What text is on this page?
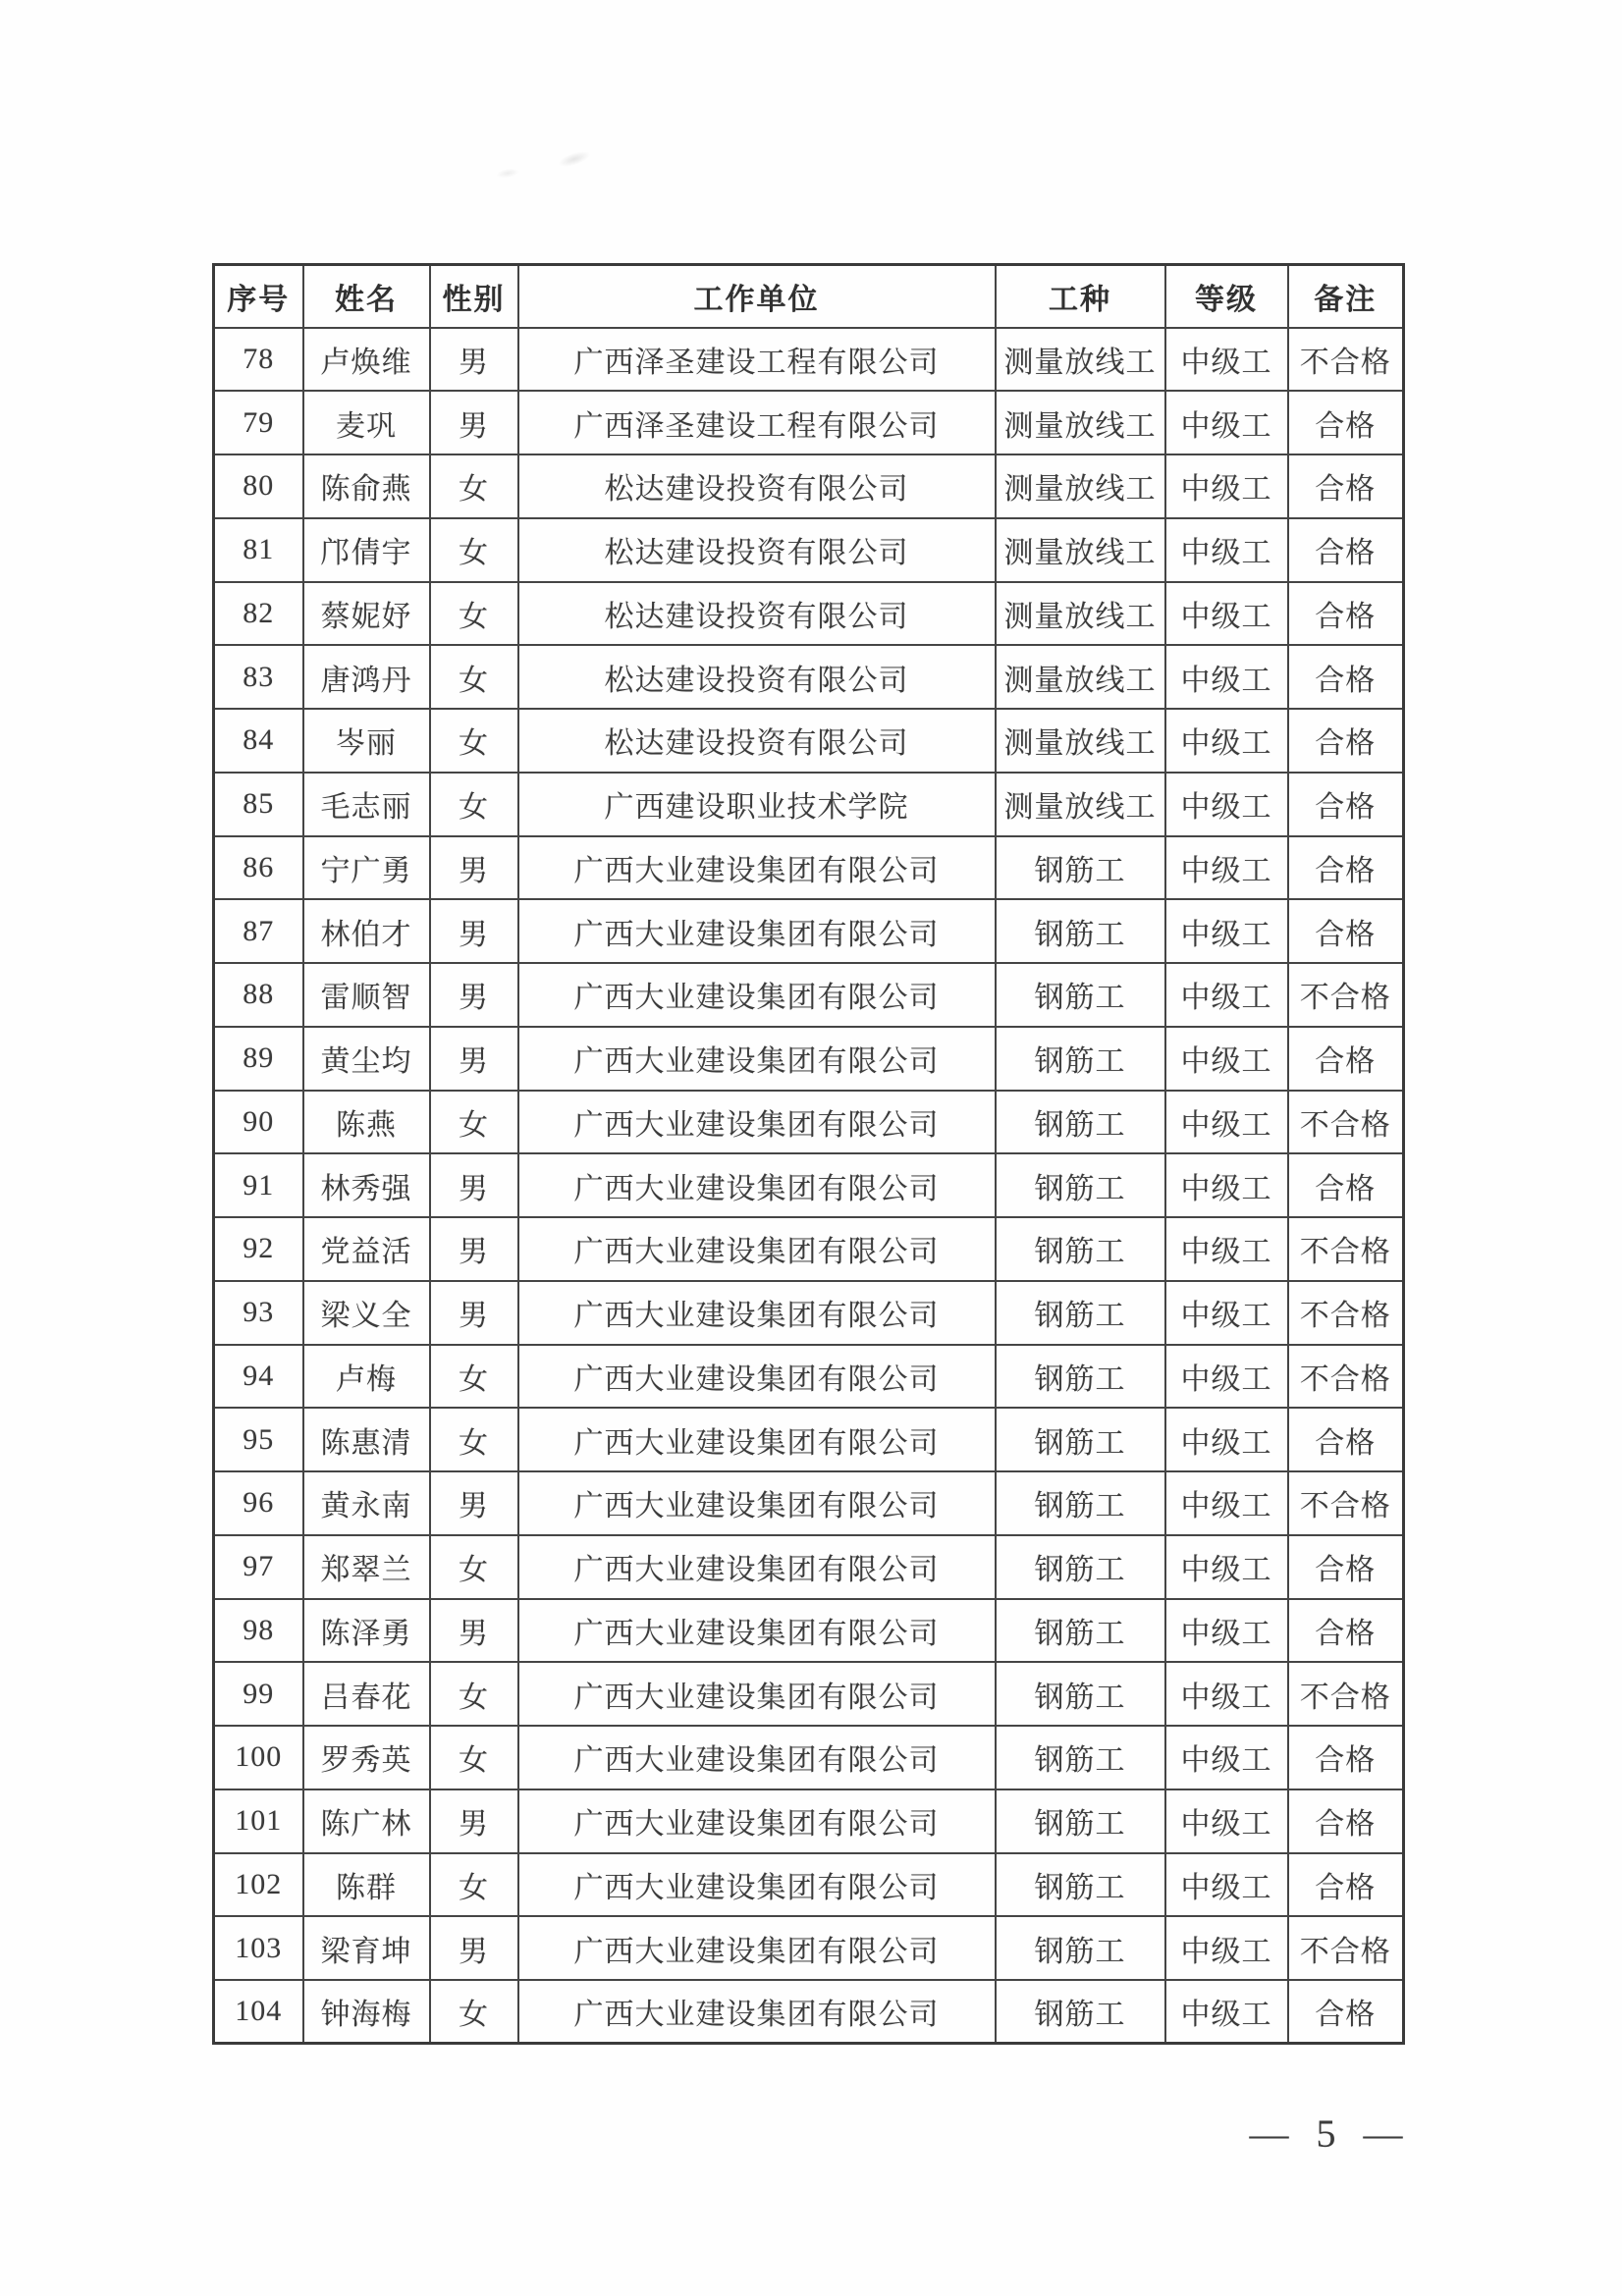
序号	姓名	性别	工作单位	工种	等级	备注
78	卢焕维	男	广西泽圣建设工程有限公司	测量放线工	中级工	不合格
79	麦巩	男	广西泽圣建设工程有限公司	测量放线工	中级工	合格
80	陈俞燕	女	松达建设投资有限公司	测量放线工	中级工	合格
81	邝倩宇	女	松达建设投资有限公司	测量放线工	中级工	合格
82	蔡妮妤	女	松达建设投资有限公司	测量放线工	中级工	合格
83	唐鸿丹	女	松达建设投资有限公司	测量放线工	中级工	合格
84	岑丽	女	松达建设投资有限公司	测量放线工	中级工	合格
85	毛志丽	女	广西建设职业技术学院	测量放线工	中级工	合格
86	宁广勇	男	广西大业建设集团有限公司	钢筋工	中级工	合格
87	林伯才	男	广西大业建设集团有限公司	钢筋工	中级工	合格
88	雷顺智	男	广西大业建设集团有限公司	钢筋工	中级工	不合格
89	黄尘均	男	广西大业建设集团有限公司	钢筋工	中级工	合格
90	陈燕	女	广西大业建设集团有限公司	钢筋工	中级工	不合格
91	林秀强	男	广西大业建设集团有限公司	钢筋工	中级工	合格
92	党益活	男	广西大业建设集团有限公司	钢筋工	中级工	不合格
93	梁义全	男	广西大业建设集团有限公司	钢筋工	中级工	不合格
94	卢梅	女	广西大业建设集团有限公司	钢筋工	中级工	不合格
95	陈惠清	女	广西大业建设集团有限公司	钢筋工	中级工	合格
96	黄永南	男	广西大业建设集团有限公司	钢筋工	中级工	不合格
97	郑翠兰	女	广西大业建设集团有限公司	钢筋工	中级工	合格
98	陈泽勇	男	广西大业建设集团有限公司	钢筋工	中级工	合格
99	吕春花	女	广西大业建设集团有限公司	钢筋工	中级工	不合格
100	罗秀英	女	广西大业建设集团有限公司	钢筋工	中级工	合格
101	陈广林	男	广西大业建设集团有限公司	钢筋工	中级工	合格
102	陈群	女	广西大业建设集团有限公司	钢筋工	中级工	合格
103	梁育坤	男	广西大业建设集团有限公司	钢筋工	中级工	不合格
104	钟海梅	女	广西大业建设集团有限公司	钢筋工	中级工	合格
— 5 —
